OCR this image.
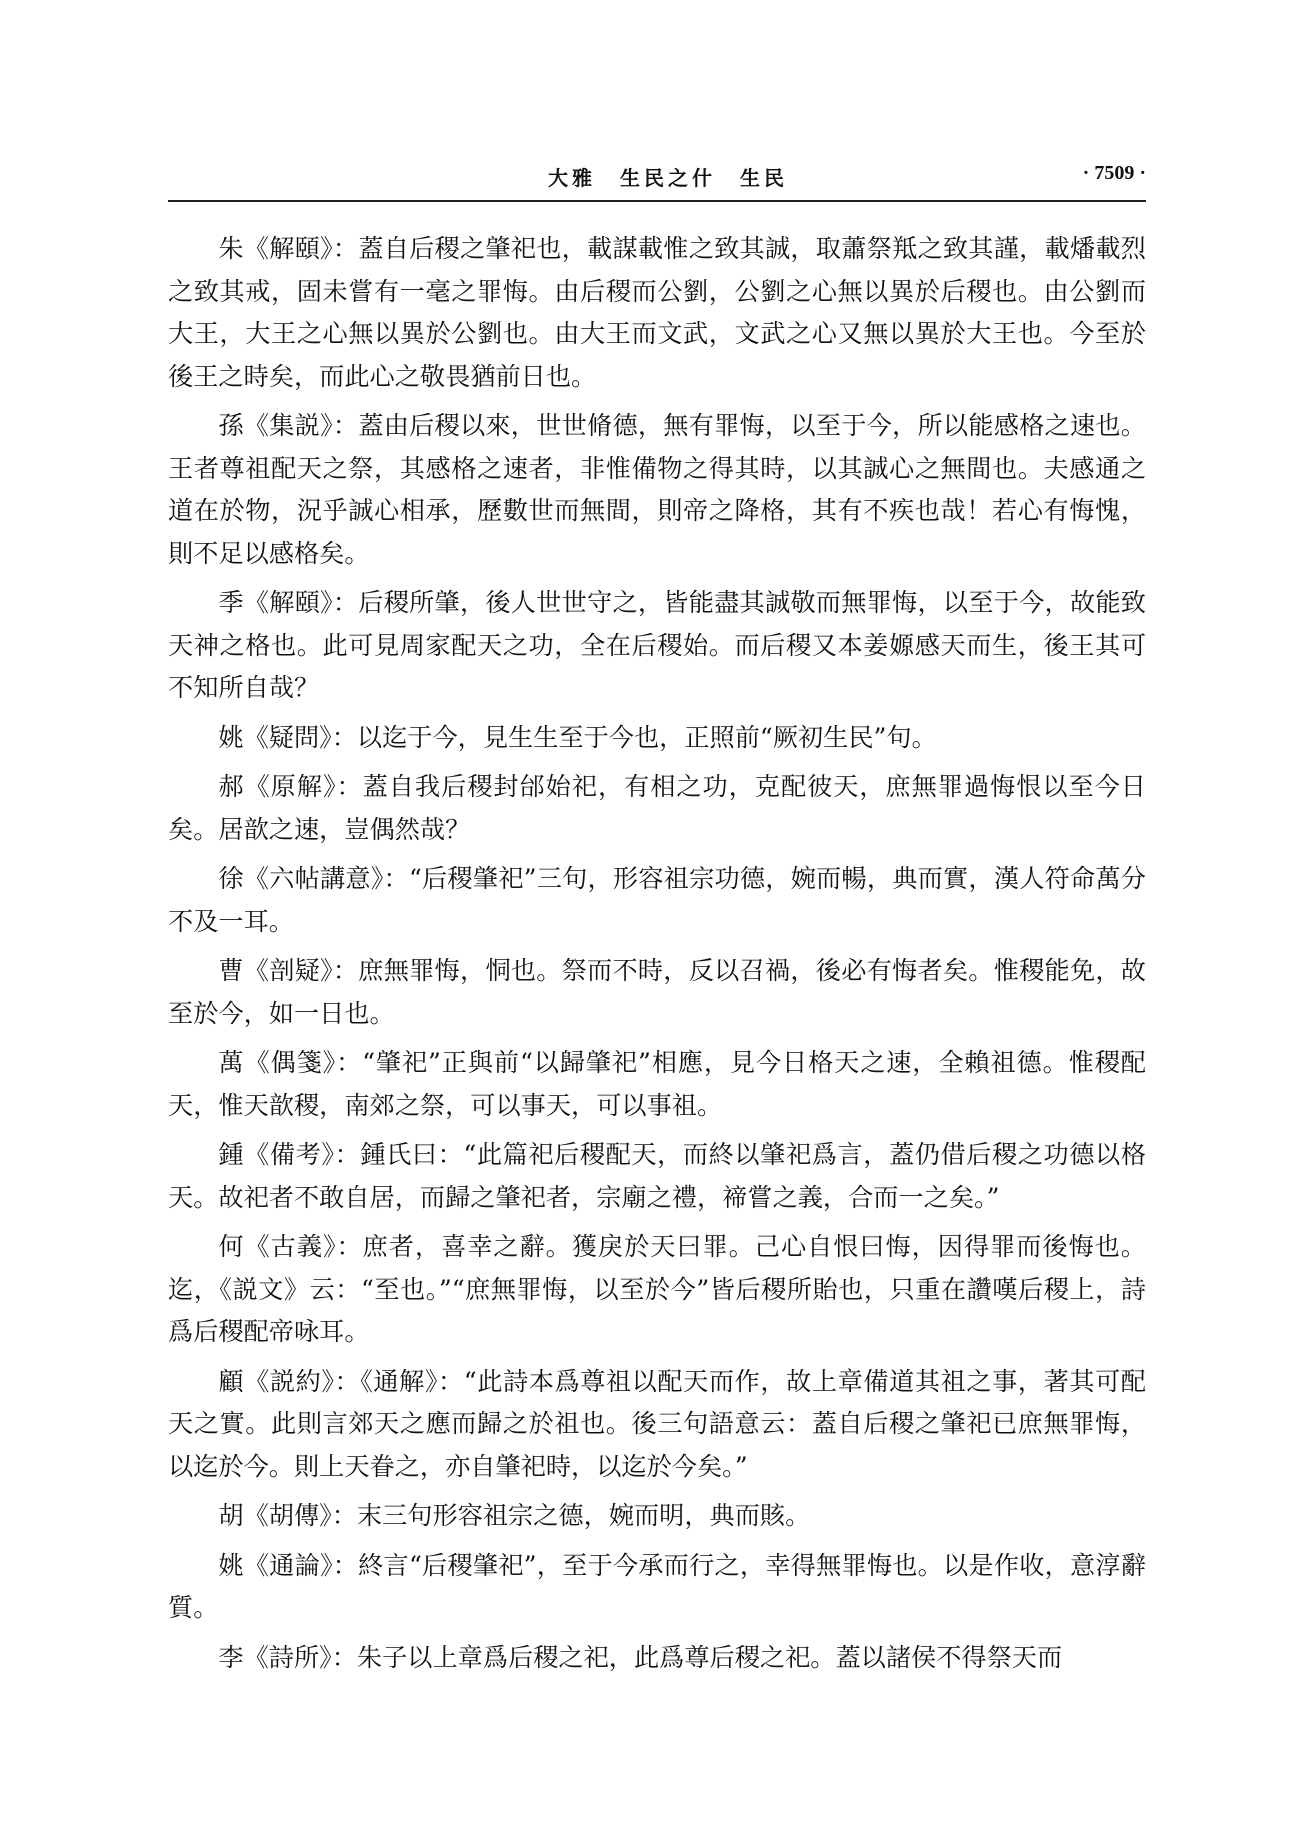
大雅　生民之什　生民	· 7509 ·

朱《解頤》：蓋自后稷之肇祀也，載謀載惟之致其誠，取蕭祭羝之致其謹，載燔載烈之致其戒，固未嘗有一毫之罪悔。由后稷而公劉，公劉之心無以異於后稷也。由公劉而大王，大王之心無以異於公劉也。由大王而文武，文武之心又無以異於大王也。今至於後王之時矣，而此心之敬畏猶前日也。

孫《集説》：蓋由后稷以來，世世脩德，無有罪悔，以至于今，所以能感格之速也。王者尊祖配天之祭，其感格之速者，非惟備物之得其時，以其誠心之無間也。夫感通之道在於物，況乎誠心相承，歷數世而無間，則帝之降格，其有不疾也哉！若心有悔愧，則不足以感格矣。

季《解頤》：后稷所肇，後人世世守之，皆能盡其誠敬而無罪悔，以至于今，故能致天神之格也。此可見周家配天之功，全在后稷始。而后稷又本姜嫄感天而生，後王其可不知所自哉？

姚《疑問》：以迄于今，見生生至于今也，正照前“厥初生民”句。

郝《原解》：蓋自我后稷封邰始祀，有相之功，克配彼天，庶無罪過悔恨以至今日矣。居歆之速，豈偶然哉？

徐《六帖講意》：“后稷肇祀”三句，形容祖宗功德，婉而暢，典而實，漢人符命萬分不及一耳。

曹《剖疑》：庶無罪悔，恫也。祭而不時，反以召禍，後必有悔者矣。惟稷能免，故至於今，如一日也。

萬《偶箋》：“肇祀”正與前“以歸肇祀”相應，見今日格天之速，全賴祖德。惟稷配天，惟天歆稷，南郊之祭，可以事天，可以事祖。

鍾《備考》：鍾氏曰：“此篇祀后稷配天，而終以肇祀爲言，蓋仍借后稷之功德以格天。故祀者不敢自居，而歸之肇祀者，宗廟之禮，禘嘗之義，合而一之矣。”

何《古義》：庶者，喜幸之辭。獲戾於天曰罪。己心自恨曰悔，因得罪而後悔也。迄，《説文》云：“至也。”“庶無罪悔，以至於今”皆后稷所貽也，只重在讚嘆后稷上，詩爲后稷配帝咏耳。

顧《説約》：《通解》：“此詩本爲尊祖以配天而作，故上章備道其祖之事，著其可配天之實。此則言郊天之應而歸之於祖也。後三句語意云：蓋自后稷之肇祀已庶無罪悔，以迄於今。則上天眷之，亦自肇祀時，以迄於今矣。”

胡《胡傳》：末三句形容祖宗之德，婉而明，典而賅。

姚《通論》：終言“后稷肇祀”，至于今承而行之，幸得無罪悔也。以是作收，意淳辭質。

李《詩所》：朱子以上章爲后稷之祀，此爲尊后稷之祀。蓋以諸侯不得祭天而
